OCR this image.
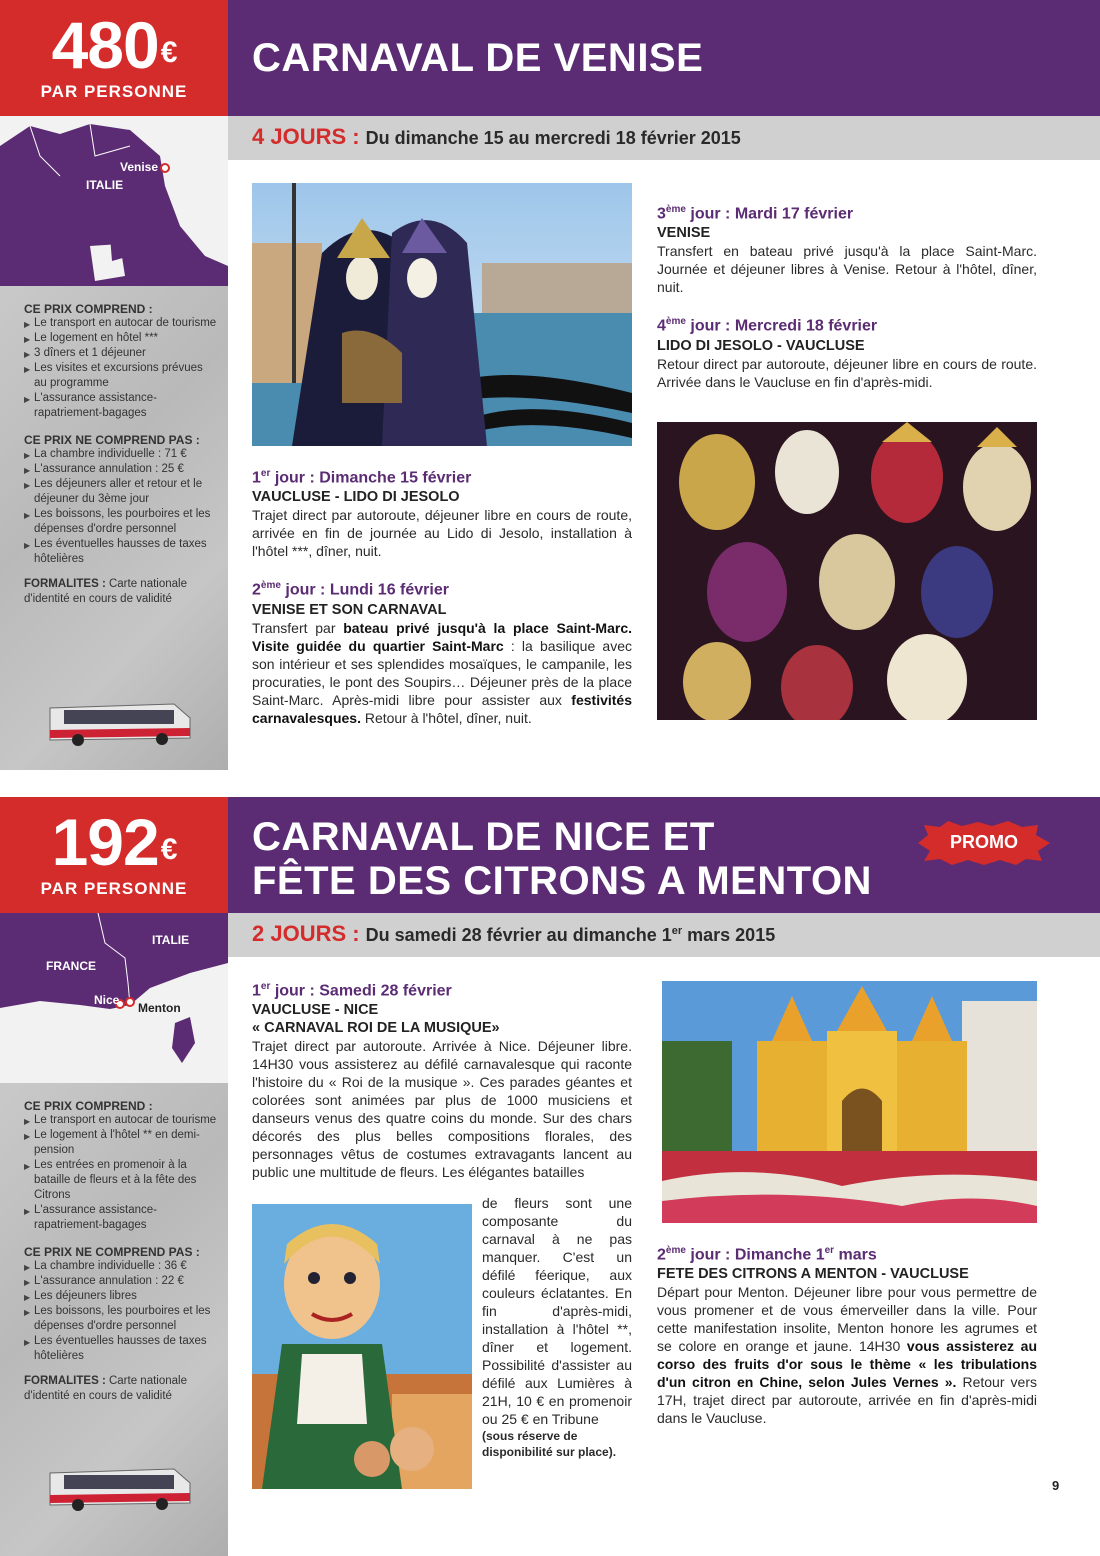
480€
PAR PERSONNE
CARNAVAL DE VENISE
4 JOURS : Du dimanche 15 au mercredi 18 février 2015
Venise
ITALIE
CE PRIX COMPREND :
▶ Le transport en autocar de tourisme
▶ Le logement en hôtel ***
▶ 3 dîners et 1 déjeuner
▶ Les visites et excursions prévues au programme
▶ L'assurance assistance-rapatriement-bagages
CE PRIX NE COMPREND PAS :
▶ La chambre individuelle : 71 €
▶ L'assurance annulation : 25 €
▶ Les déjeuners aller et retour et le déjeuner du 3ème jour
▶ Les boissons, les pourboires et les dépenses d'ordre personnel
▶ Les éventuelles hausses de taxes hôtelières
FORMALITES : Carte nationale d'identité en cours de validité
1er jour : Dimanche 15 février
VAUCLUSE - LIDO DI JESOLO
Trajet direct par autoroute, déjeuner libre en cours de route, arrivée en fin de journée au Lido di Jesolo, installation à l'hôtel ***, dîner, nuit.
2ème jour : Lundi 16 février
VENISE ET SON CARNAVAL
Transfert par bateau privé jusqu'à la place Saint-Marc. Visite guidée du quartier Saint-Marc : la basilique avec son intérieur et ses splendides mosaïques, le campanile, les procuraties, le pont des Soupirs… Déjeuner près de la place Saint-Marc. Après-midi libre pour assister aux festivités carnavalesques. Retour à l'hôtel, dîner, nuit.
3ème jour : Mardi 17 février
VENISE
Transfert en bateau privé jusqu'à la place Saint-Marc. Journée et déjeuner libres à Venise. Retour à l'hôtel, dîner, nuit.
4ème jour : Mercredi 18 février
LIDO DI JESOLO - VAUCLUSE
Retour direct par autoroute, déjeuner libre en cours de route. Arrivée dans le Vaucluse en fin d'après-midi.
192€
PAR PERSONNE
CARNAVAL DE NICE ET
FÊTE DES CITRONS A MENTON
PROMO
2 JOURS : Du samedi 28 février au dimanche 1er mars 2015
ITALIE
FRANCE
Nice
Menton
CE PRIX COMPREND :
▶ Le transport en autocar de tourisme
▶ Le logement à l'hôtel ** en demi-pension
▶ Les entrées en promenoir à la bataille de fleurs et à la fête des Citrons
▶ L'assurance assistance-rapatriement-bagages
CE PRIX NE COMPREND PAS :
▶ La chambre individuelle : 36 €
▶ L'assurance annulation : 22 €
▶ Les déjeuners libres
▶ Les boissons, les pourboires et les dépenses d'ordre personnel
▶ Les éventuelles hausses de taxes hôtelières
FORMALITES : Carte nationale d'identité en cours de validité
1er jour : Samedi 28 février
VAUCLUSE - NICE
« CARNAVAL ROI DE LA MUSIQUE»
Trajet direct par autoroute. Arrivée à Nice. Déjeuner libre. 14H30 vous assisterez au défilé carnavalesque qui raconte l'histoire du « Roi de la musique ». Ces parades géantes et colorées sont animées par plus de 1000 musiciens et danseurs venus des quatre coins du monde. Sur des chars décorés des plus belles compositions florales, des personnages vêtus de costumes extravagants lancent au public une multitude de fleurs. Les élégantes batailles
de fleurs sont une composante du carnaval à ne pas manquer. C'est un défilé féerique, aux couleurs éclatantes. En fin d'après-midi, installation à l'hôtel **, dîner et logement. Possibilité d'assister au défilé aux Lumières à 21H, 10 € en promenoir ou 25 € en Tribune
(sous réserve de disponibilité sur place).
2ème jour : Dimanche 1er mars
FETE DES CITRONS A MENTON - VAUCLUSE
Départ pour Menton. Déjeuner libre pour vous permettre de vous promener et de vous émerveiller dans la ville. Pour cette manifestation insolite, Menton honore les agrumes et se colore en orange et jaune. 14H30 vous assisterez au corso des fruits d'or sous le thème « les tribulations d'un citron en Chine, selon Jules Vernes ». Retour vers 17H, trajet direct par autoroute, arrivée en fin d'après-midi dans le Vaucluse.
9
